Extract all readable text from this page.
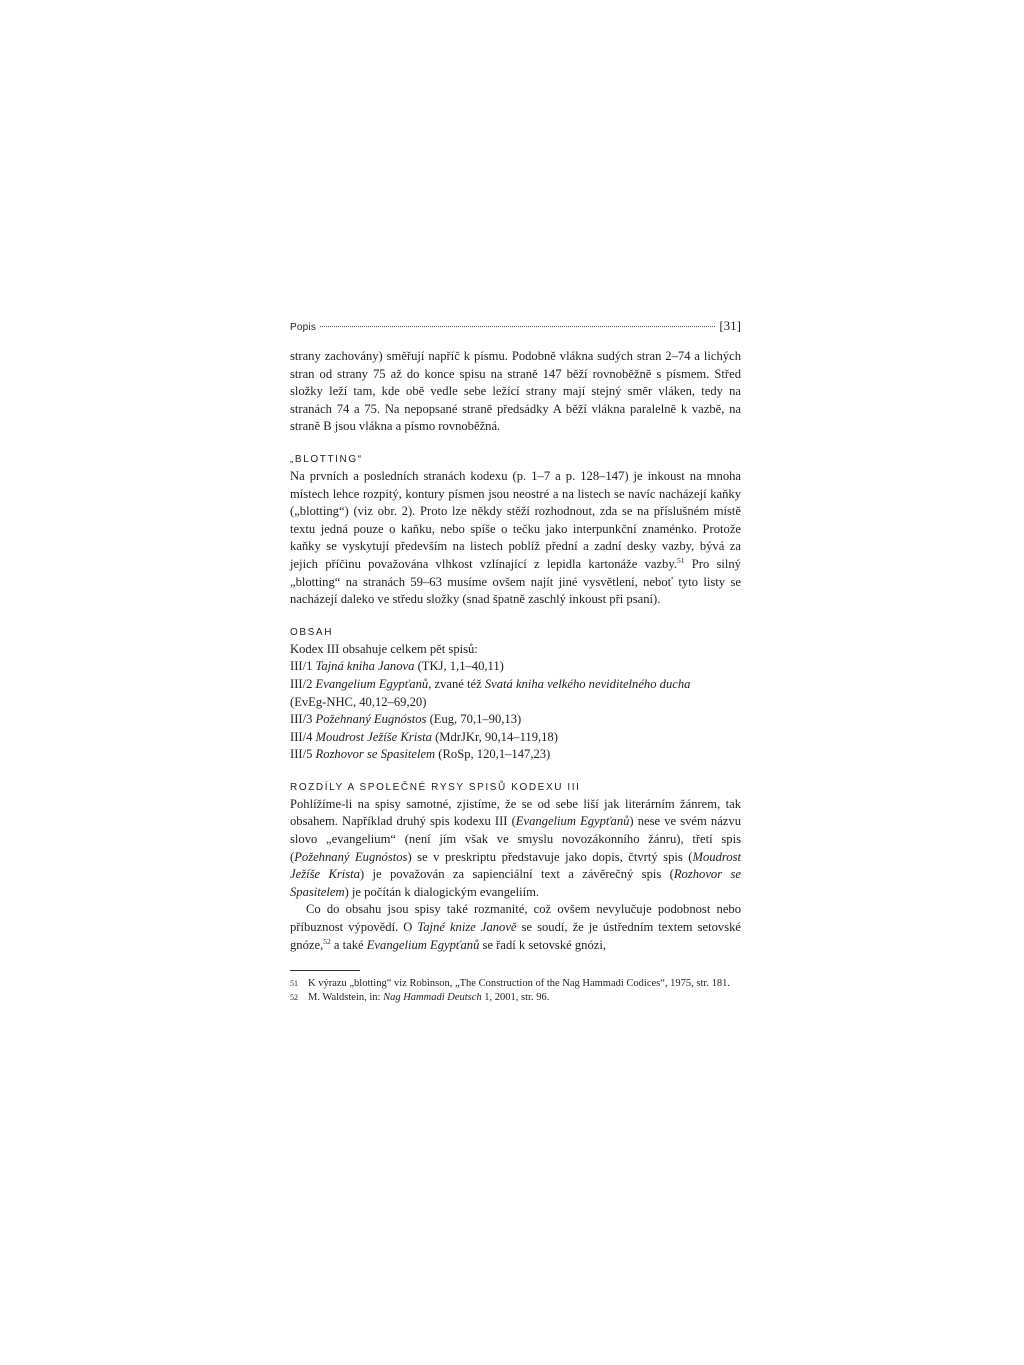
Popis	[31]

strany zachovány) směřují napříč k písmu. Podobně vlákna sudých stran 2–74 a lichých stran od strany 75 až do konce spisu na straně 147 běží rovnoběžně s písmem. Střed složky leží tam, kde obě vedle sebe ležící strany mají stejný směr vláken, tedy na stranách 74 a 75. Na nepopsané straně předsádky A běží vlákna paralelně k vazbě, na straně B jsou vlákna a písmo rovnoběžná.

„BLOTTING“

Na prvních a posledních stranách kodexu (p. 1–7 a p. 128–147) je inkoust na mnoha místech lehce rozpitý, kontury písmen jsou neostré a na listech se navíc nacházejí kaňky („blotting“) (viz obr. 2). Proto lze někdy stěží rozhodnout, zda se na příslušném místě textu jedná pouze o kaňku, nebo spíše o tečku jako interpunkční znaménko. Protože kaňky se vyskytují především na listech poblíž přední a zadní desky vazby, bývá za jejich příčinu považována vlhkost vzlínající z lepidla kartonáže vazby.$^{51}$ Pro silný „blotting“ na stranách 59–63 musíme ovšem najít jiné vysvětlení, neboť tyto listy se nacházejí daleko ve středu složky (snad špatně zaschlý inkoust při psaní).

OBSAH
Kodex III obsahuje celkem pět spisů:
III/1 Tajná kniha Janova (TKJ, 1,1–40,11)
III/2 Evangelium Egypťanů, zvané též Svatá kniha velkého neviditelného ducha
(EvEg-NHC, 40,12–69,20)
III/3 Požehnaný Eugnóstos (Eug, 70,1–90,13)
III/4 Moudrost Ježíše Krista (MdrJKr, 90,14–119,18)
III/5 Rozhovor se Spasitelem (RoSp, 120,1–147,23)
ROZDÍLY A SPOLEČNÉ RYSY SPISŮ KODEXU III

Pohlížíme-li na spisy samotné, zjistíme, že se od sebe liší jak literárním žánrem, tak obsahem. Například druhý spis kodexu III (Evangelium Egypťanů) nese ve svém názvu slovo „evangelium“ (není jím však ve smyslu novozákonního žánru), třetí spis (Požehnaný Eugnóstos) se v preskriptu představuje jako dopis, čtvrtý spis (Moudrost Ježíše Krista) je považován za sapienciální text a závěrečný spis (Rozhovor se Spasitelem) je počítán k dialogickým evangeliím.

Co do obsahu jsou spisy také rozmanité, což ovšem nevylučuje podobnost nebo příbuznost výpovědí. O Tajné knize Janově se soudí, že je ústředním textem setovské gnóze,$^{52}$ a také Evangelium Egypťanů se řadí k setovské gnózi,

51 K výrazu „blotting“ viz Robinson, „The Construction of the Nag Hammadi Codices“, 1975, str. 181.
52 M. Waldstein, in: Nag Hammadi Deutsch 1, 2001, str. 96.
